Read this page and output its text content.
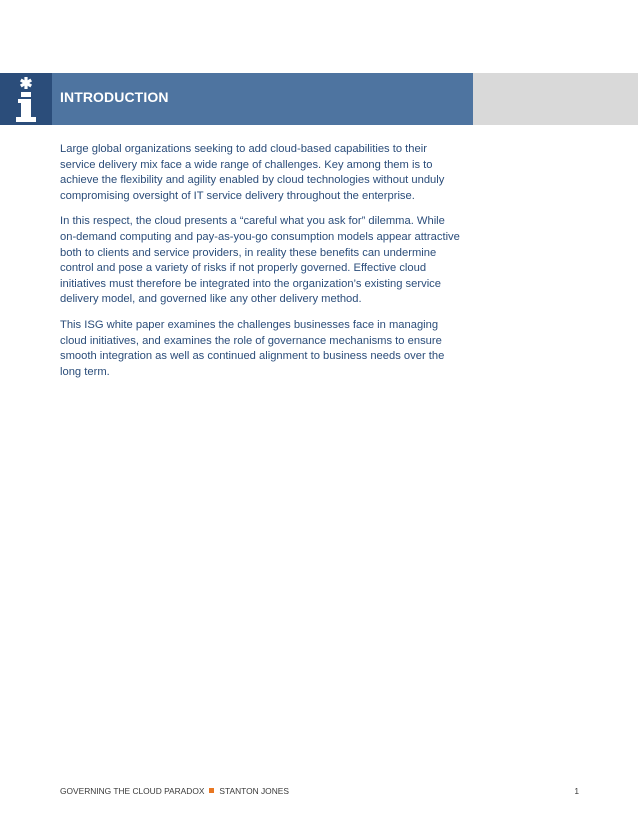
INTRODUCTION

Large global organizations seeking to add cloud-based capabilities to their service delivery mix face a wide range of challenges. Key among them is to achieve the flexibility and agility enabled by cloud technologies without unduly compromising oversight of IT service delivery throughout the enterprise.

In this respect, the cloud presents a “careful what you ask for” dilemma. While on-demand computing and pay-as-you-go consumption models appear attractive both to clients and service providers, in reality these benefits can undermine control and pose a variety of risks if not properly governed. Effective cloud initiatives must therefore be integrated into the organization’s existing service delivery model, and governed like any other delivery method.

This ISG white paper examines the challenges businesses face in managing cloud initiatives, and examines the role of governance mechanisms to ensure smooth integration as well as continued alignment to business needs over the long term.

GOVERNING THE CLOUD PARADOX STANTON JONES	1
